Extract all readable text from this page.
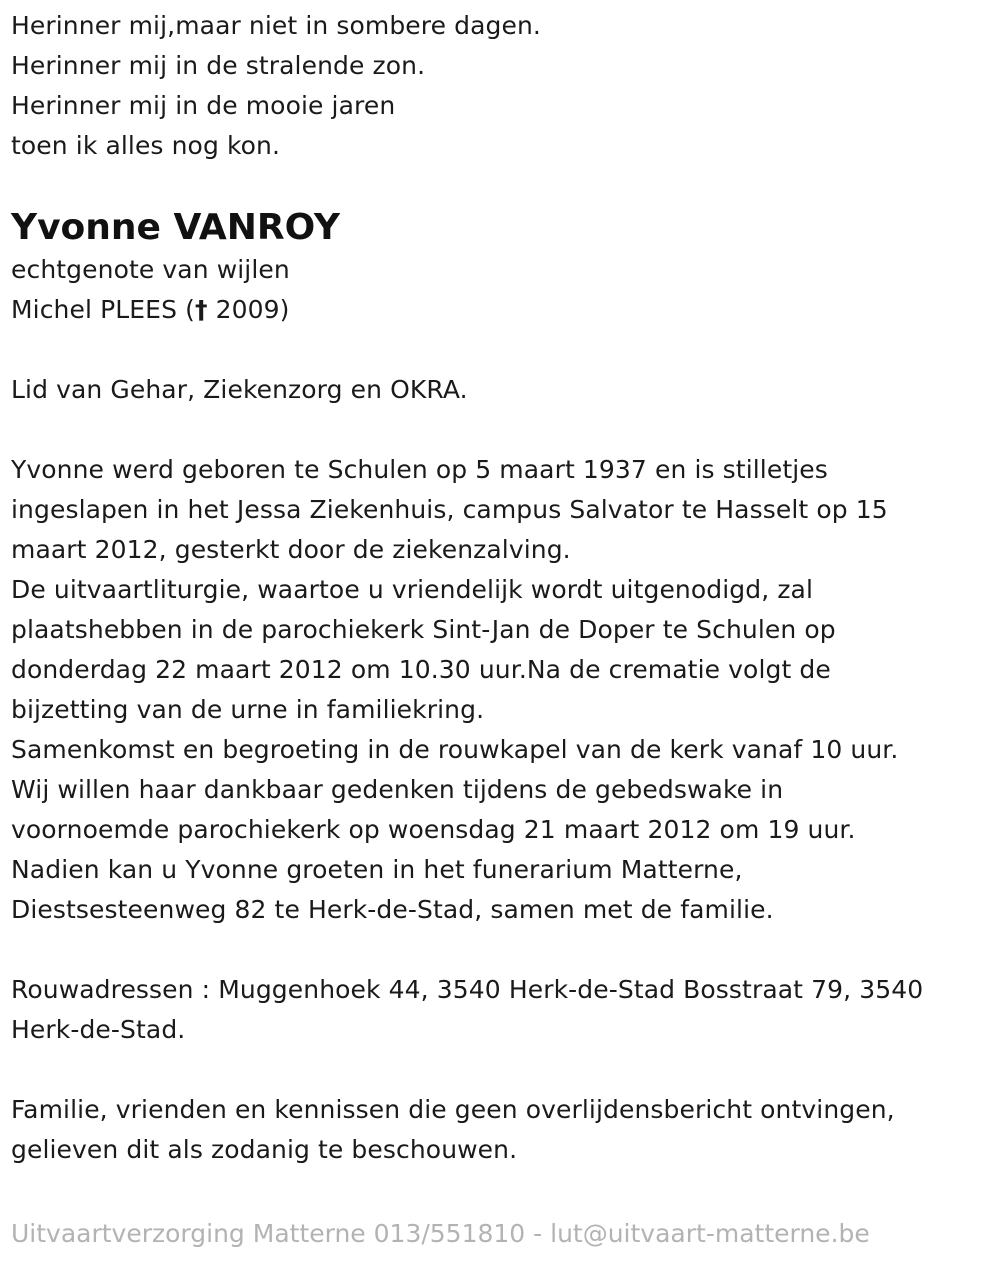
Herinner mij,maar niet in sombere dagen.
Herinner mij in de stralende zon.
Herinner mij in de mooie jaren
toen ik alles nog kon.
Yvonne VANROY
echtgenote van wijlen
Michel PLEES († 2009)
Lid van Gehar, Ziekenzorg en OKRA.
Yvonne werd geboren te Schulen op 5 maart 1937 en is stilletjes
ingeslapen in het Jessa Ziekenhuis, campus Salvator te Hasselt op 15
maart 2012, gesterkt door de ziekenzalving.
De uitvaartliturgie, waartoe u vriendelijk wordt uitgenodigd, zal
plaatshebben in de parochiekerk Sint-Jan de Doper te Schulen op
donderdag 22 maart 2012 om 10.30 uur.Na de crematie volgt de
bijzetting van de urne in familiekring.
Samenkomst en begroeting in de rouwkapel van de kerk vanaf 10 uur.
Wij willen haar dankbaar gedenken tijdens de gebedswake in
voornoemde parochiekerk op woensdag 21 maart 2012 om 19 uur.
Nadien kan u Yvonne groeten in het funerarium Matterne,
Diestsesteenweg 82 te Herk-de-Stad, samen met de familie.
Rouwadressen : Muggenhoek 44, 3540 Herk-de-Stad Bosstraat 79, 3540
Herk-de-Stad.
Familie, vrienden en kennissen die geen overlijdensbericht ontvingen,
gelieven dit als zodanig te beschouwen.
Uitvaartverzorging Matterne 013/551810 - lut@uitvaart-matterne.be
